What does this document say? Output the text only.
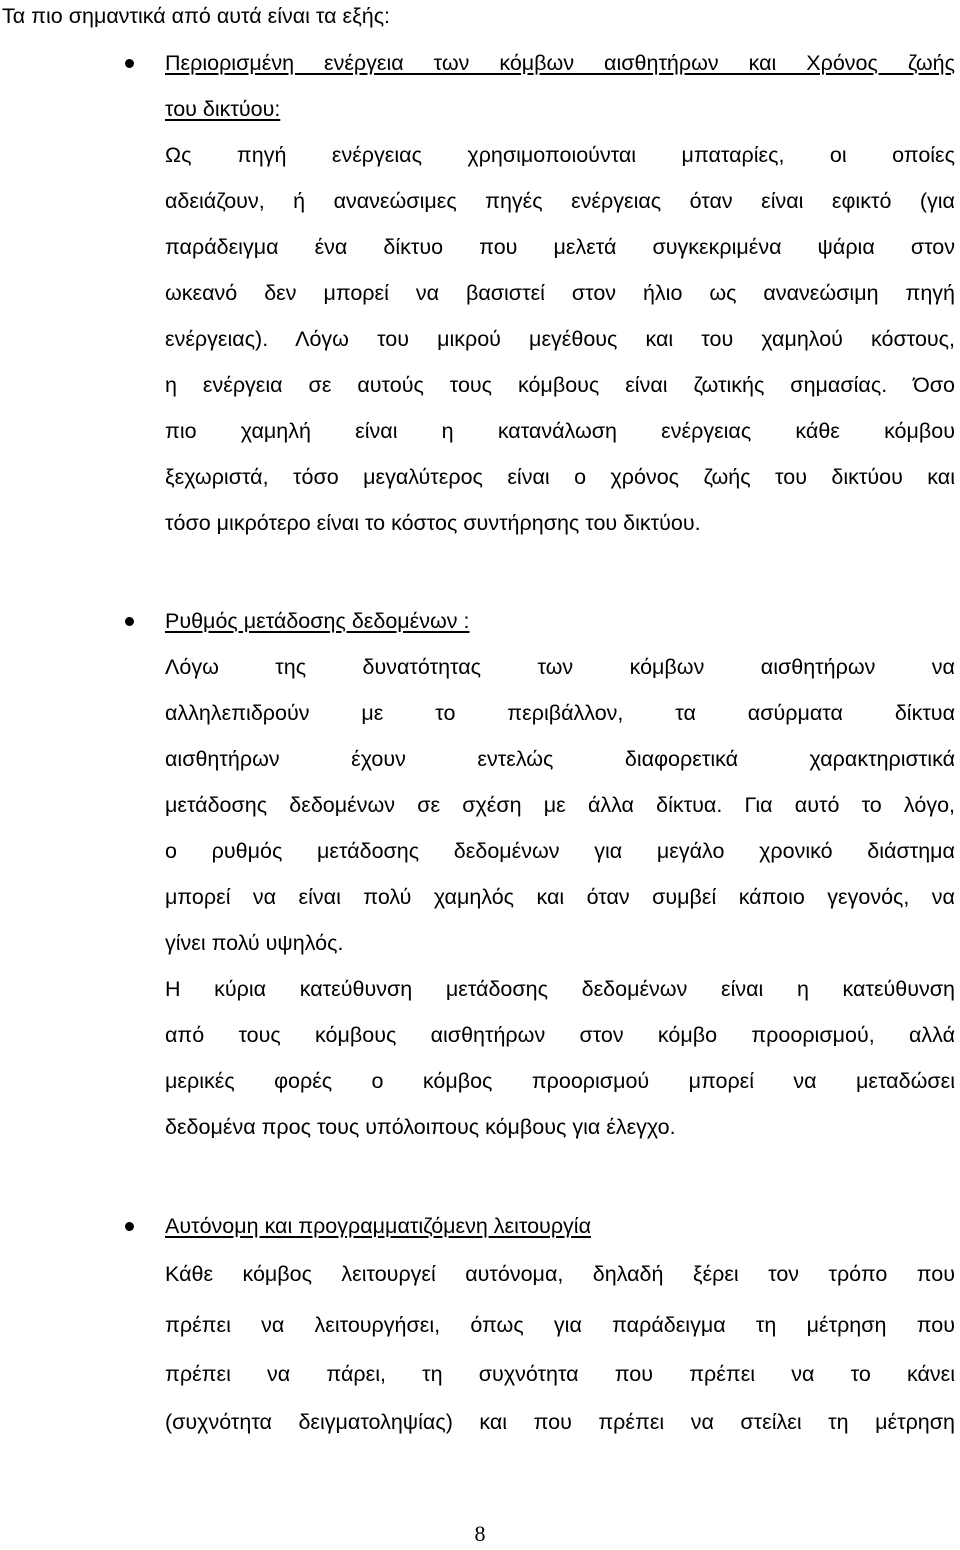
Τα πιο σημαντικά από αυτά είναι τα εξής:
Περιορισμένη ενέργεια των κόμβων αισθητήρων και Χρόνος ζωής
του δικτύου:
Ως πηγή ενέργειας χρησιμοποιούνται μπαταρίες, οι οποίες
αδειάζουν, ή ανανεώσιμες πηγές ενέργειας όταν είναι εφικτό (για
παράδειγμα ένα δίκτυο που μελετά συγκεκριμένα ψάρια στον
ωκεανό δεν μπορεί να βασιστεί στον ήλιο ως ανανεώσιμη πηγή
ενέργειας). Λόγω του μικρού μεγέθους και του χαμηλού κόστους,
η ενέργεια σε αυτούς τους κόμβους είναι ζωτικής σημασίας. Όσο
πιο χαμηλή είναι η κατανάλωση ενέργειας κάθε κόμβου
ξεχωριστά, τόσο μεγαλύτερος είναι ο χρόνος ζωής του δικτύου και
τόσο μικρότερο είναι το κόστος συντήρησης του δικτύου.
Ρυθμός μετάδοσης δεδομένων :
Λόγω της δυνατότητας των κόμβων αισθητήρων να
αλληλεπιδρούν με το περιβάλλον, τα ασύρματα δίκτυα
αισθητήρων έχουν εντελώς διαφορετικά χαρακτηριστικά
μετάδοσης δεδομένων σε σχέση με άλλα δίκτυα. Για αυτό το λόγο,
ο ρυθμός μετάδοσης δεδομένων για μεγάλο χρονικό διάστημα
μπορεί να είναι πολύ χαμηλός και όταν συμβεί κάποιο γεγονός, να
γίνει πολύ υψηλός.
Η κύρια κατεύθυνση μετάδοσης δεδομένων είναι η κατεύθυνση
από τους κόμβους αισθητήρων στον κόμβο προορισμού, αλλά
μερικές φορές ο κόμβος προορισμού μπορεί να μεταδώσει
δεδομένα προς τους υπόλοιπους κόμβους για έλεγχο.
Αυτόνομη και προγραμματιζόμενη λειτουργία
Κάθε κόμβος λειτουργεί αυτόνομα, δηλαδή ξέρει τον τρόπο που
πρέπει να λειτουργήσει, όπως για παράδειγμα τη μέτρηση που
πρέπει να πάρει, τη συχνότητα που πρέπει να το κάνει
(συχνότητα δειγματοληψίας) και που πρέπει να στείλει τη μέτρηση
8
